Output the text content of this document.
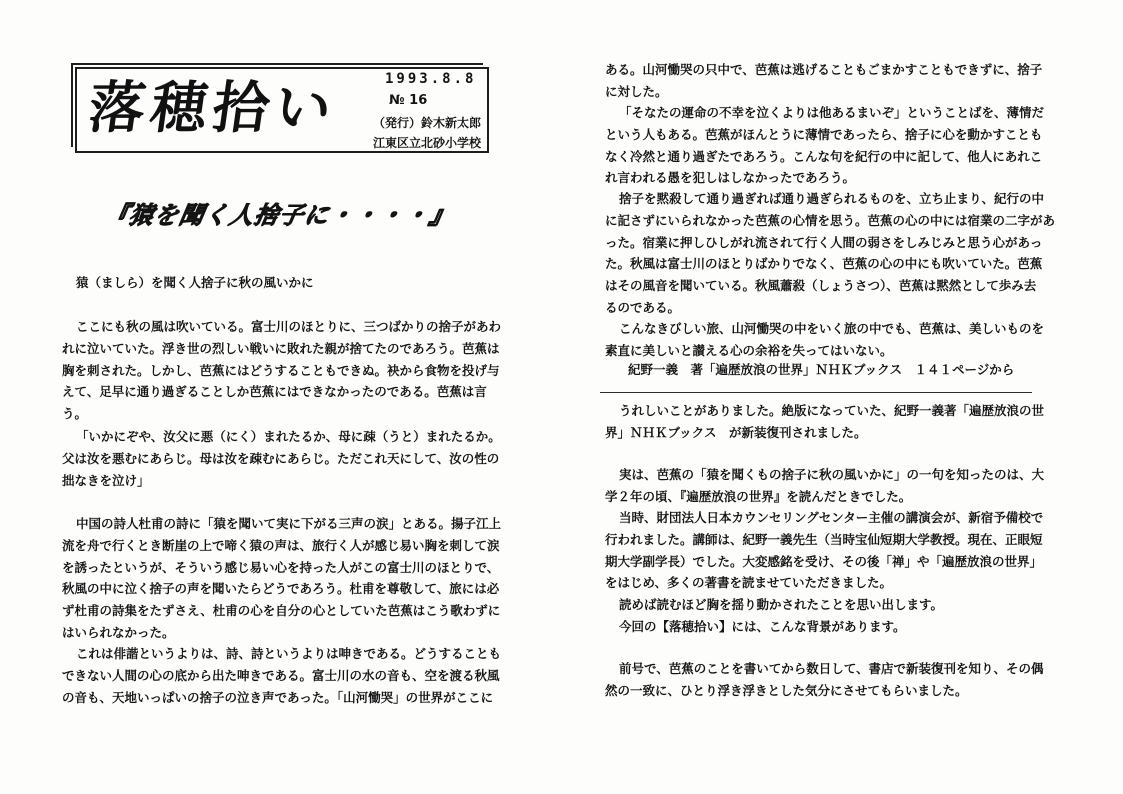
落穂拾い	1993.8.8
№ 16
（発行）鈴木新太郎
江東区立北砂小学校
『猿を聞く人捨子に・・・・』
猿（ましら）を聞く人捨子に秋の風いかに
ここにも秋の風は吹いている。富士川のほとりに、三つばかりの捨子があわ
れに泣いていた。浮き世の烈しい戦いに敗れた親が捨てたのであろう。芭蕉は
胸を刺された。しかし、芭蕉にはどうすることもできぬ。袂から食物を投げ与
えて、足早に通り過ぎることしか芭蕉にはできなかったのである。芭蕉は言
う。
「いかにぞや、汝父に悪（にく）まれたるか、母に疎（うと）まれたるか。
父は汝を悪むにあらじ。母は汝を疎むにあらじ。ただこれ天にして、汝の性の
拙なきを泣け」
中国の詩人杜甫の詩に「猿を聞いて実に下がる三声の涙」とある。揚子江上
流を舟で行くとき断崖の上で啼く猿の声は、旅行く人が感じ易い胸を刺して涙
を誘ったというが、そういう感じ易い心を持った人がこの富士川のほとりで、
秋風の中に泣く捨子の声を聞いたらどうであろう。杜甫を尊敬して、旅には必
ず杜甫の詩集をたずさえ、杜甫の心を自分の心としていた芭蕉はこう歌わずに
はいられなかった。
これは俳諧というよりは、詩、詩というよりは呻きである。どうすることも
できない人間の心の底から出た呻きである。富士川の水の音も、空を渡る秋風
の音も、天地いっぱいの捨子の泣き声であった。「山河慟哭」の世界がここに
ある。山河慟哭の只中で、芭蕉は逃げることもごまかすこともできずに、捨子
に対した。
「そなたの運命の不幸を泣くよりは他あるまいぞ」ということばを、薄情だ
という人もある。芭蕉がほんとうに薄情であったら、捨子に心を動かすことも
なく冷然と通り過ぎたであろう。こんな句を紀行の中に記して、他人にあれこ
れ言われる愚を犯しはしなかったであろう。
捨子を黙殺して通り過ぎれば通り過ぎられるものを、立ち止まり、紀行の中
に記さずにいられなかった芭蕉の心情を思う。芭蕉の心の中には宿業の二字があ
った。宿業に押しひしがれ流されて行く人間の弱さをしみじみと思う心があっ
た。秋風は富士川のほとりばかりでなく、芭蕉の心の中にも吹いていた。芭蕉
はその風音を聞いている。秋風蕭殺（しょうさつ）、芭蕉は黙然として歩み去
るのである。
こんなきびしい旅、山河慟哭の中をいく旅の中でも、芭蕉は、美しいものを
素直に美しいと讃える心の余裕を失ってはいない。
紀野一義　著「遍歴放浪の世界」ＮＨＫブックス　１４１ページから
うれしいことがありました。絶版になっていた、紀野一義著「遍歴放浪の世
界」ＮＨＫブックス　が新装復刊されました。
実は、芭蕉の「猿を聞くもの捨子に秋の風いかに」の一句を知ったのは、大
学２年の頃、『遍歴放浪の世界』を読んだときでした。
当時、財団法人日本カウンセリングセンター主催の講演会が、新宿予備校で
行われました。講師は、紀野一義先生（当時宝仙短期大学教授。現在、正眼短
期大学副学長）でした。大変感銘を受け、その後「禅」や「遍歴放浪の世界」
をはじめ、多くの著書を読ませていただきました。
読めば読むほど胸を揺り動かされたことを思い出します。
今回の【落穂拾い】には、こんな背景があります。
前号で、芭蕉のことを書いてから数日して、書店で新装復刊を知り、その偶
然の一致に、ひとり浮き浮きとした気分にさせてもらいました。
